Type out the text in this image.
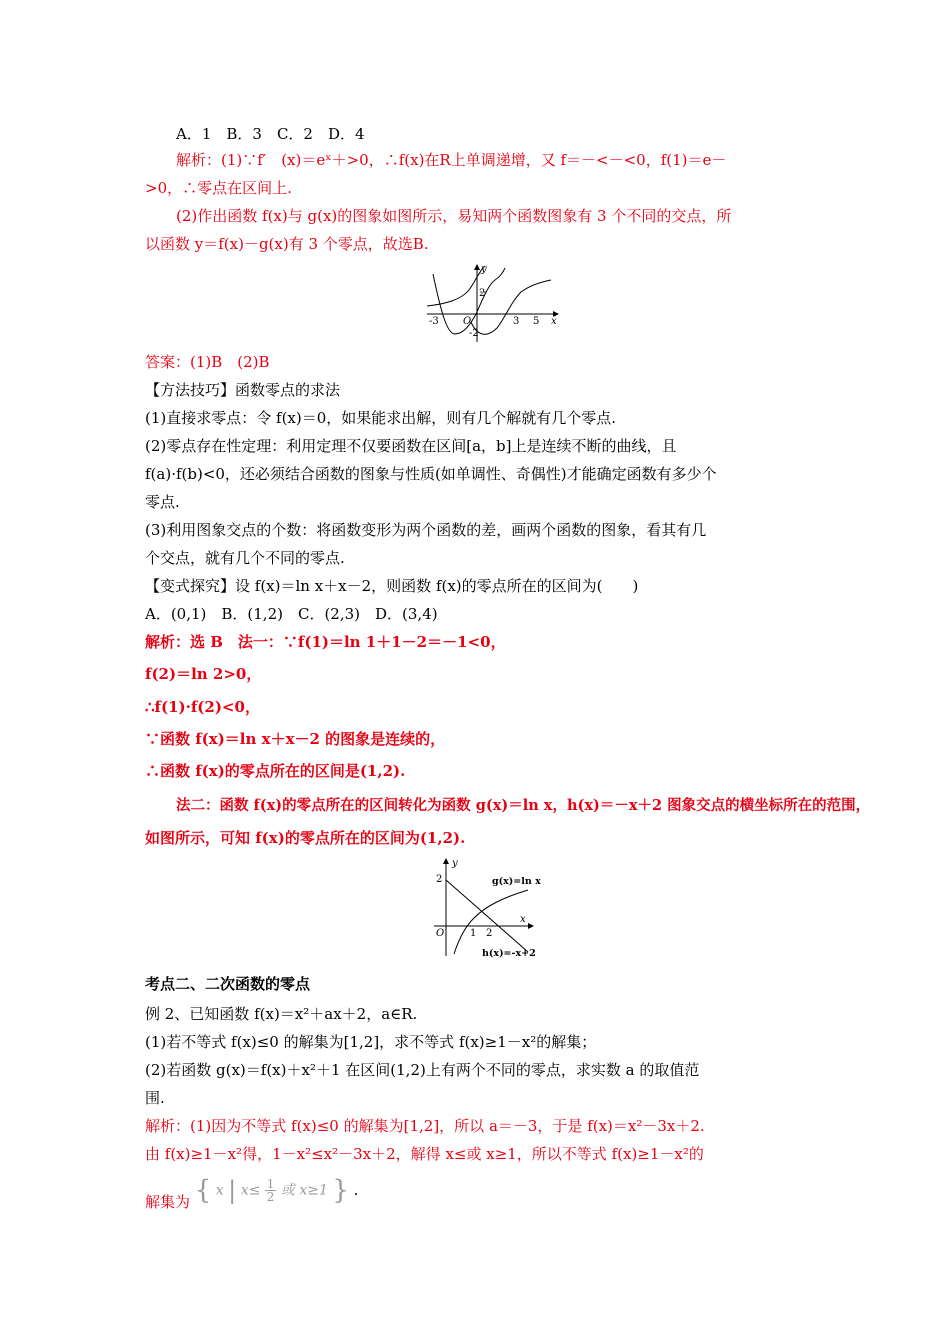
A．1　B．3　C．2　D．4
解析：(1)∵f′　(x)＝eˣ＋>0，∴f(x)在R上单调递增，又 f＝－<－<0，f(1)＝e－
>0，∴零点在区间上.
(2)作出函数 f(x)与 g(x)的图象如图所示，易知两个函数图象有 3 个不同的交点，所
以函数 y＝f(x)－g(x)有 3 个零点，故选B.
y
x
O
2
-2
-3	3 5
答案：(1)B　(2)B
【方法技巧】函数零点的求法
(1)直接求零点：令 f(x)＝0，如果能求出解，则有几个解就有几个零点.
(2)零点存在性定理：利用定理不仅要函数在区间[a，b]上是连续不断的曲线，且
f(a)·f(b)<0，还必须结合函数的图象与性质(如单调性、奇偶性)才能确定函数有多少个
零点.
(3)利用图象交点的个数：将函数变形为两个函数的差，画两个函数的图象，看其有几
个交点，就有几个不同的零点.
【变式探究】设 f(x)＝ln x＋x－2，则函数 f(x)的零点所在的区间为(　　)
A．(0,1)　B．(1,2)　C．(2,3)　D．(3,4)
解析：选 B　法一：∵f(1)＝ln 1＋1－2＝－1<0，
f(2)＝ln 2>0，
∴f(1)·f(2)<0，
∵函数 f(x)＝ln x＋x－2 的图象是连续的，
∴函数 f(x)的零点所在的区间是(1,2).
法二：函数 f(x)的零点所在的区间转化为函数 g(x)＝ln x，h(x)＝－x＋2 图象交点的横坐标所在的范围，
如图所示，可知 f(x)的零点所在的区间为(1,2).
y
x
O
2
1 2
g(x)=ln x
h(x)=-x+2
考点二、二次函数的零点
例 2、已知函数 f(x)＝x²＋ax＋2，a∈R.
(1)若不等式 f(x)≤0 的解集为[1,2]，求不等式 f(x)≥1－x²的解集；
(2)若函数 g(x)＝f(x)＋x²＋1 在区间(1,2)上有两个不同的零点，求实数 a 的取值范
围.
解析：(1)因为不等式 f(x)≤0 的解集为[1,2]，所以 a＝－3，于是 f(x)＝x²－3x＋2.
由 f(x)≥1－x²得，1－x²≤x²－3x＋2，解得 x≤或 x≥1，所以不等式 f(x)≥1－x²的
解集为 { x | $x\le \frac{1}{2}$ 或 x≥1 } .
